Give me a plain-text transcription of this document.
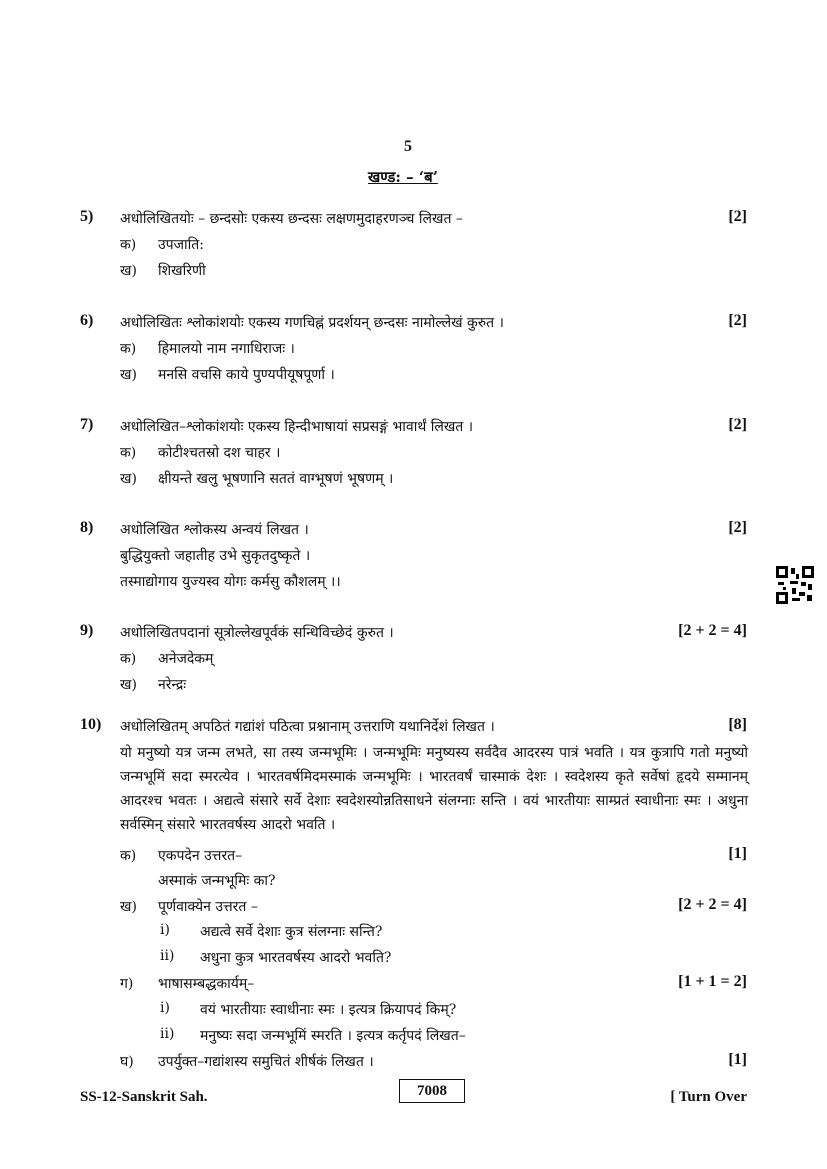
5
खण्ड: – ‘ब’
5) अधोलिखितयोः – छन्दसोः एकस्य छन्दसः लक्षणमुदाहरणञ्च लिखत –	[2]
क) उपजाति:
ख) शिखरिणी
6) अधोलिखितः श्लोकांशयोः एकस्य गणचिह्नं प्रदर्शयन् छन्दसः नामोल्लेखं कुरुत ।	[2]
क) हिमालयो नाम नगाधिराजः ।
ख) मनसि वचसि काये पुण्यपीयूषपूर्णा ।
7) अधोलिखित–श्लोकांशयोः एकस्य हिन्दीभाषायां सप्रसङ्गं भावार्थं लिखत ।	[2]
क) कोटीश्चतस्रो दश चाहर ।
ख) क्षीयन्ते खलु भूषणानि सततं वाग्भूषणं भूषणम् ।
8) अधोलिखित श्लोकस्य अन्वयं लिखत ।	[2]
बुद्धियुक्तो जहातीह उभे सुकृतदुष्कृते ।
तस्माद्योगाय युज्यस्व योगः कर्मसु कौशलम् ।।
9) अधोलिखितपदानां सूत्रोल्लेखपूर्वकं सन्धिविच्छेदं कुरुत ।	[2 + 2 = 4]
क) अनेजदेकम्
ख) नरेन्द्रः
10) अधोलिखितम् अपठितं गद्यांशं पठित्वा प्रश्नानाम् उत्तराणि यथानिर्देशं लिखत ।	[8]
यो मनुष्यो यत्र जन्म लभते, सा तस्य जन्मभूमिः । जन्मभूमिः मनुष्यस्य सर्वदैव आदरस्य पात्रं भवति । यत्र कुत्रापि गतो मनुष्यो जन्मभूमिं सदा स्मरत्येव । भारतवर्षमिदमस्माकं जन्मभूमिः । भारतवर्षं चास्माकं देशः । स्वदेशस्य कृते सर्वेषां हृदये सम्मानम् आदरश्च भवतः । अद्यत्वे संसारे सर्वे देशाः स्वदेशस्योन्नतिसाधने संलग्नाः सन्ति । वयं भारतीयाः साम्प्रतं स्वाधीनाः स्मः । अधुना सर्वस्मिन् संसारे भारतवर्षस्य आदरो भवति ।
क) एकपदेन उत्तरत–	[1]
अस्माकं जन्मभूमिः का?
ख) पूर्णवाक्येन उत्तरत –	[2 + 2 = 4]
i) अद्यत्वे सर्वे देशाः कुत्र संलग्नाः सन्ति?
ii) अधुना कुत्र भारतवर्षस्य आदरो भवति?
ग) भाषासम्बद्धकार्यम्–	[1 + 1 = 2]
i) वयं भारतीयाः स्वाधीनाः स्मः । इत्यत्र क्रियापदं किम्?
ii) मनुष्यः सदा जन्मभूमिं स्मरति । इत्यत्र कर्तृपदं लिखत–
घ) उपर्युक्त–गद्यांशस्य समुचितं शीर्षकं लिखत ।	[1]
SS-12-Sanskrit Sah.	7008	[ Turn Over
